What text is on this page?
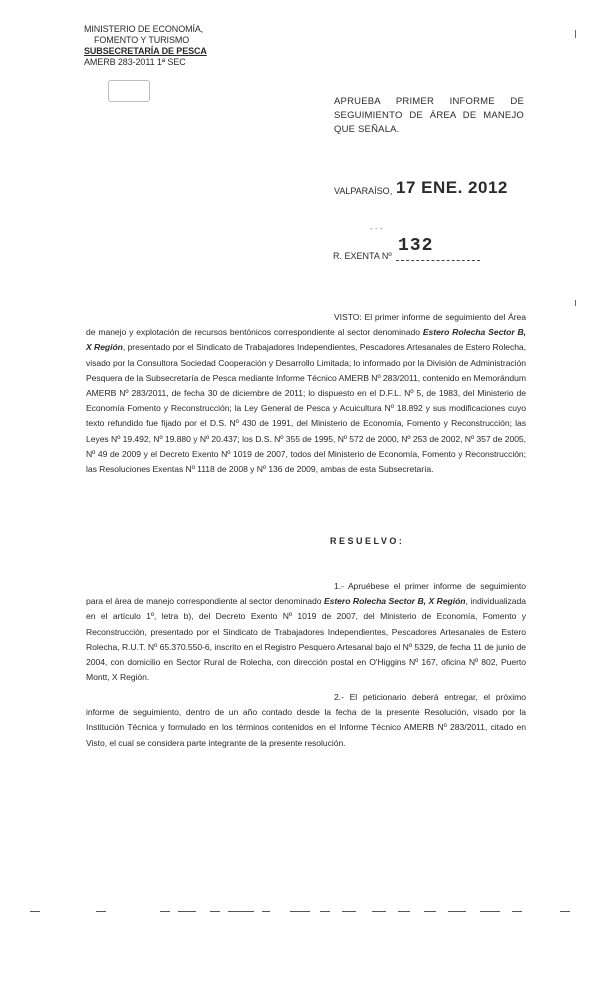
MINISTERIO DE ECONOMÍA,
FOMENTO Y TURISMO
SUBSECRETARÍA DE PESCA
AMERB 283-2011 1ª SEC

APRUEBA PRIMER INFORME DE SEGUIMIENTO DE ÁREA DE MANEJO QUE SEÑALA.
VALPARAÍSO, 17 ENE. 2012
- - -
R. EXENTA Nº 132
VISTO: El primer informe de seguimiento del Área de manejo y explotación de recursos bentónicos correspondiente al sector denominado Estero Rolecha Sector B, X Región, presentado por el Sindicato de Trabajadores Independientes, Pescadores Artesanales de Estero Rolecha, visado por la Consultora Sociedad Cooperación y Desarrollo Limitada; lo informado por la División de Administración Pesquera de la Subsecretaría de Pesca mediante Informe Técnico AMERB Nº 283/2011, contenido en Memorándum AMERB Nº 283/2011, de fecha 30 de diciembre de 2011; lo dispuesto en el D.F.L. Nº 5, de 1983, del Ministerio de Economía Fomento y Reconstrucción; la Ley General de Pesca y Acuicultura Nº 18.892 y sus modificaciones cuyo texto refundido fue fijado por el D.S. Nº 430 de 1991, del Ministerio de Economía, Fomento y Reconstrucción; las Leyes Nº 19.492, Nº 19.880 y Nº 20.437; los D.S. Nº 355 de 1995, Nº 572 de 2000, Nº 253 de 2002, Nº 357 de 2005, Nº 49 de 2009 y el Decreto Exento Nº 1019 de 2007, todos del Ministerio de Economía, Fomento y Reconstrucción; las Resoluciones Exentas Nº 1118 de 2008 y Nº 136 de 2009, ambas de esta Subsecretaría.
RESUELVO:
1.- Apruébese el primer informe de seguimiento para el área de manejo correspondiente al sector denominado Estero Rolecha Sector B, X Región, individualizada en el artículo 1º, letra b), del Decreto Exento Nº 1019 de 2007, del Ministerio de Economía, Fomento y Reconstrucción, presentado por el Sindicato de Trabajadores Independientes, Pescadores Artesanales de Estero Rolecha, R.U.T. Nº 65.370.550-6, inscrito en el Registro Pesquero Artesanal bajo el Nº 5329, de fecha 11 de junio de 2004, con domicilio en Sector Rural de Rolecha, con dirección postal en O'Higgins Nº 167, oficina Nº 802, Puerto Montt, X Región.
2.- El peticionario deberá entregar, el próximo informe de seguimiento, dentro de un año contado desde la fecha de la presente Resolución, visado por la Institución Técnica y formulado en los términos contenidos en el Informe Técnico AMERB Nº 283/2011, citado en Visto, el cual se considera parte integrante de la presente resolución.
